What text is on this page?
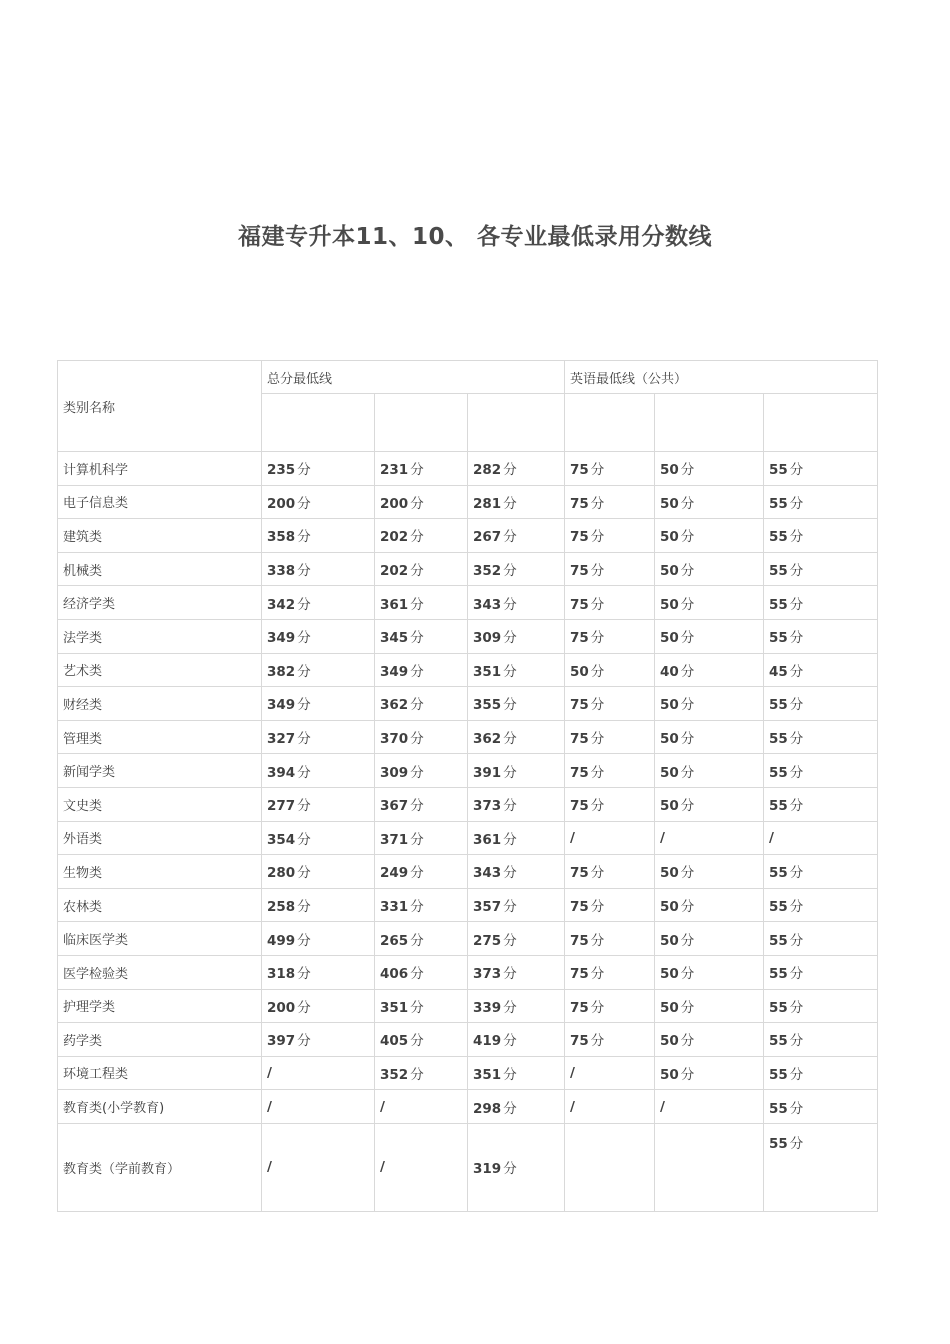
福建专升本11、10、 各专业最低录用分数线
类别名称	总分最低线			英语最低线（公共）		

计算机科学	235 分	231 分	282 分	75 分	50 分	55 分
电子信息类	200 分	200 分	281 分	75 分	50 分	55 分
建筑类	358 分	202 分	267 分	75 分	50 分	55 分
机械类	338 分	202 分	352 分	75 分	50 分	55 分
经济学类	342 分	361 分	343 分	75 分	50 分	55 分
法学类	349 分	345 分	309 分	75 分	50 分	55 分
艺术类	382 分	349 分	351 分	50 分	40 分	45 分
财经类	349 分	362 分	355 分	75 分	50 分	55 分
管理类	327 分	370 分	362 分	75 分	50 分	55 分
新闻学类	394 分	309 分	391 分	75 分	50 分	55 分
文史类	277 分	367 分	373 分	75 分	50 分	55 分
外语类	354 分	371 分	361 分	/	/	/
生物类	280 分	249 分	343 分	75 分	50 分	55 分
农林类	258 分	331 分	357 分	75 分	50 分	55 分
临床医学类	499 分	265 分	275 分	75 分	50 分	55 分
医学检验类	318 分	406 分	373 分	75 分	50 分	55 分
护理学类	200 分	351 分	339 分	75 分	50 分	55 分
药学类	397 分	405 分	419 分	75 分	50 分	55 分
环境工程类	/	352 分	351 分	/	50 分	55 分
教育类(小学教育)	/	/	298 分	/	/	55 分
教育类（学前教育）	/	/	319 分			55 分
